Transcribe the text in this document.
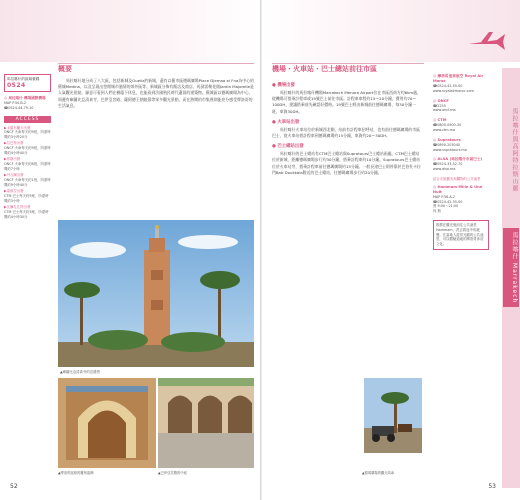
馬拉喀什的區域號碼
0524
◎ 馬拉喀什 機場國際機場
MAP P.50-B-2
☎0524-44-79-10
ACCESS
▶卡薩布蘭卡出發
ONCF 火車每天約9班，所需時間約3小時20分
▶拉巴特出發
ONCF 火車每天約9班，所需時間約4小時40分
▶菲斯出發
ONCF 火車每天約8班，所需時間約7小時
▶丹吉爾出發
ONCF 火車每天約1班，所需時間約9小時40分
▶索維拉出發
CTM 巴士每天約9班，所需時間約3小時
▶瓦爾扎扎特出發
CTM 巴士每天約3班，所需時間約4小時30分
概要
馬拉喀什地分成了八大區，包括新城及Gueliz的新城，還有以舊市區德瑪廣場Place Djemaa el Fna為中心的舊城Medina，以及呈現出悠閒城市風情的郊外區等。新城區分佈有飯店及商店，馬邱雷勒花園Jardin Majorelle是人氣觀光景點，綠意可看到人們在樹蔭下休息，也能看到法國殖民時代遺留的建築物。舊城區以德瑪廣場為中心，周邊有庫圖比亞清真寺、巴伊亞宮殿、薩阿德王朝陵墓等眾多觀光景點，而在熱鬧的市集裡則能充分感受摩洛哥的生活氣息。
▲庫圖比亞清真寺的宣禮塔
▲摩洛哥風格的雕刻裝飾	▲巴伊亞宮殿的中庭
52
機場・火車站・巴士總站前往市區
● 機場出發
馬拉喀什的馬拉喀什機場Marrakech Menara Airport位在市區西南方約6km處，從機場可搭乘計程車或19號巴士前往市區。計程車車程約15～20分鐘，費用約70～100DH，建議搭乘前先確認好價格。19號巴士經由新城前往德瑪廣場，每30分鐘一班，車資30DH。
● 火車站出發
馬拉喀什火車站位於新城西北側，站前有計程車招呼站，也有前往德瑪廣場的市區巴士，從火車站搭計程車到德瑪廣場約15分鐘，車資約20～30DH。
● 巴士總站出發
馬拉喀什的巴士總站有CTM巴士總站與Supratours巴士總站兩處。CTM巴士總站位於新城，距離德瑪廣場步行約30分鐘，搭乘計程車約10分鐘。Supratours巴士總站位於火車站旁，搭乘計程車前往德瑪廣場約15分鐘。一般長途巴士則停靠於巴伯杜卡拉門Bab Doukkala附近的巴士總站，往德瑪廣場步行約20分鐘。
▲德瑪廣場的觀光馬車
◎ 摩洛哥皇家航空 Royal Air Maroc
☎0524-42-55-00
www.royalairmaroc.com
◎ ONCF
☎2255
www.oncf.ma
◎ CTM
☎0800-0900-30
www.ctm.ma
◎ Supratours
☎0890-203040
www.supratours.ma
◎ ALSA (馬拉喀什市區巴士)
☎0524-33-52-70
www.alsa.ma
結合市區觀光與購物的公共澡堂
◎ Hammam Mille & Une Nuit
MAP P.56-A-2
☎0524-42-55-00
營 9:00～21:00
休 無
推薦在觀光後前往公共澡堂Hammam，洗去旅途中的疲憊。在當地人經常光顧的公共澡堂，可以體驗道地的摩洛哥沐浴文化。
馬拉喀什與高阿特拉斯山脈
馬拉喀什 Marrakech
53
